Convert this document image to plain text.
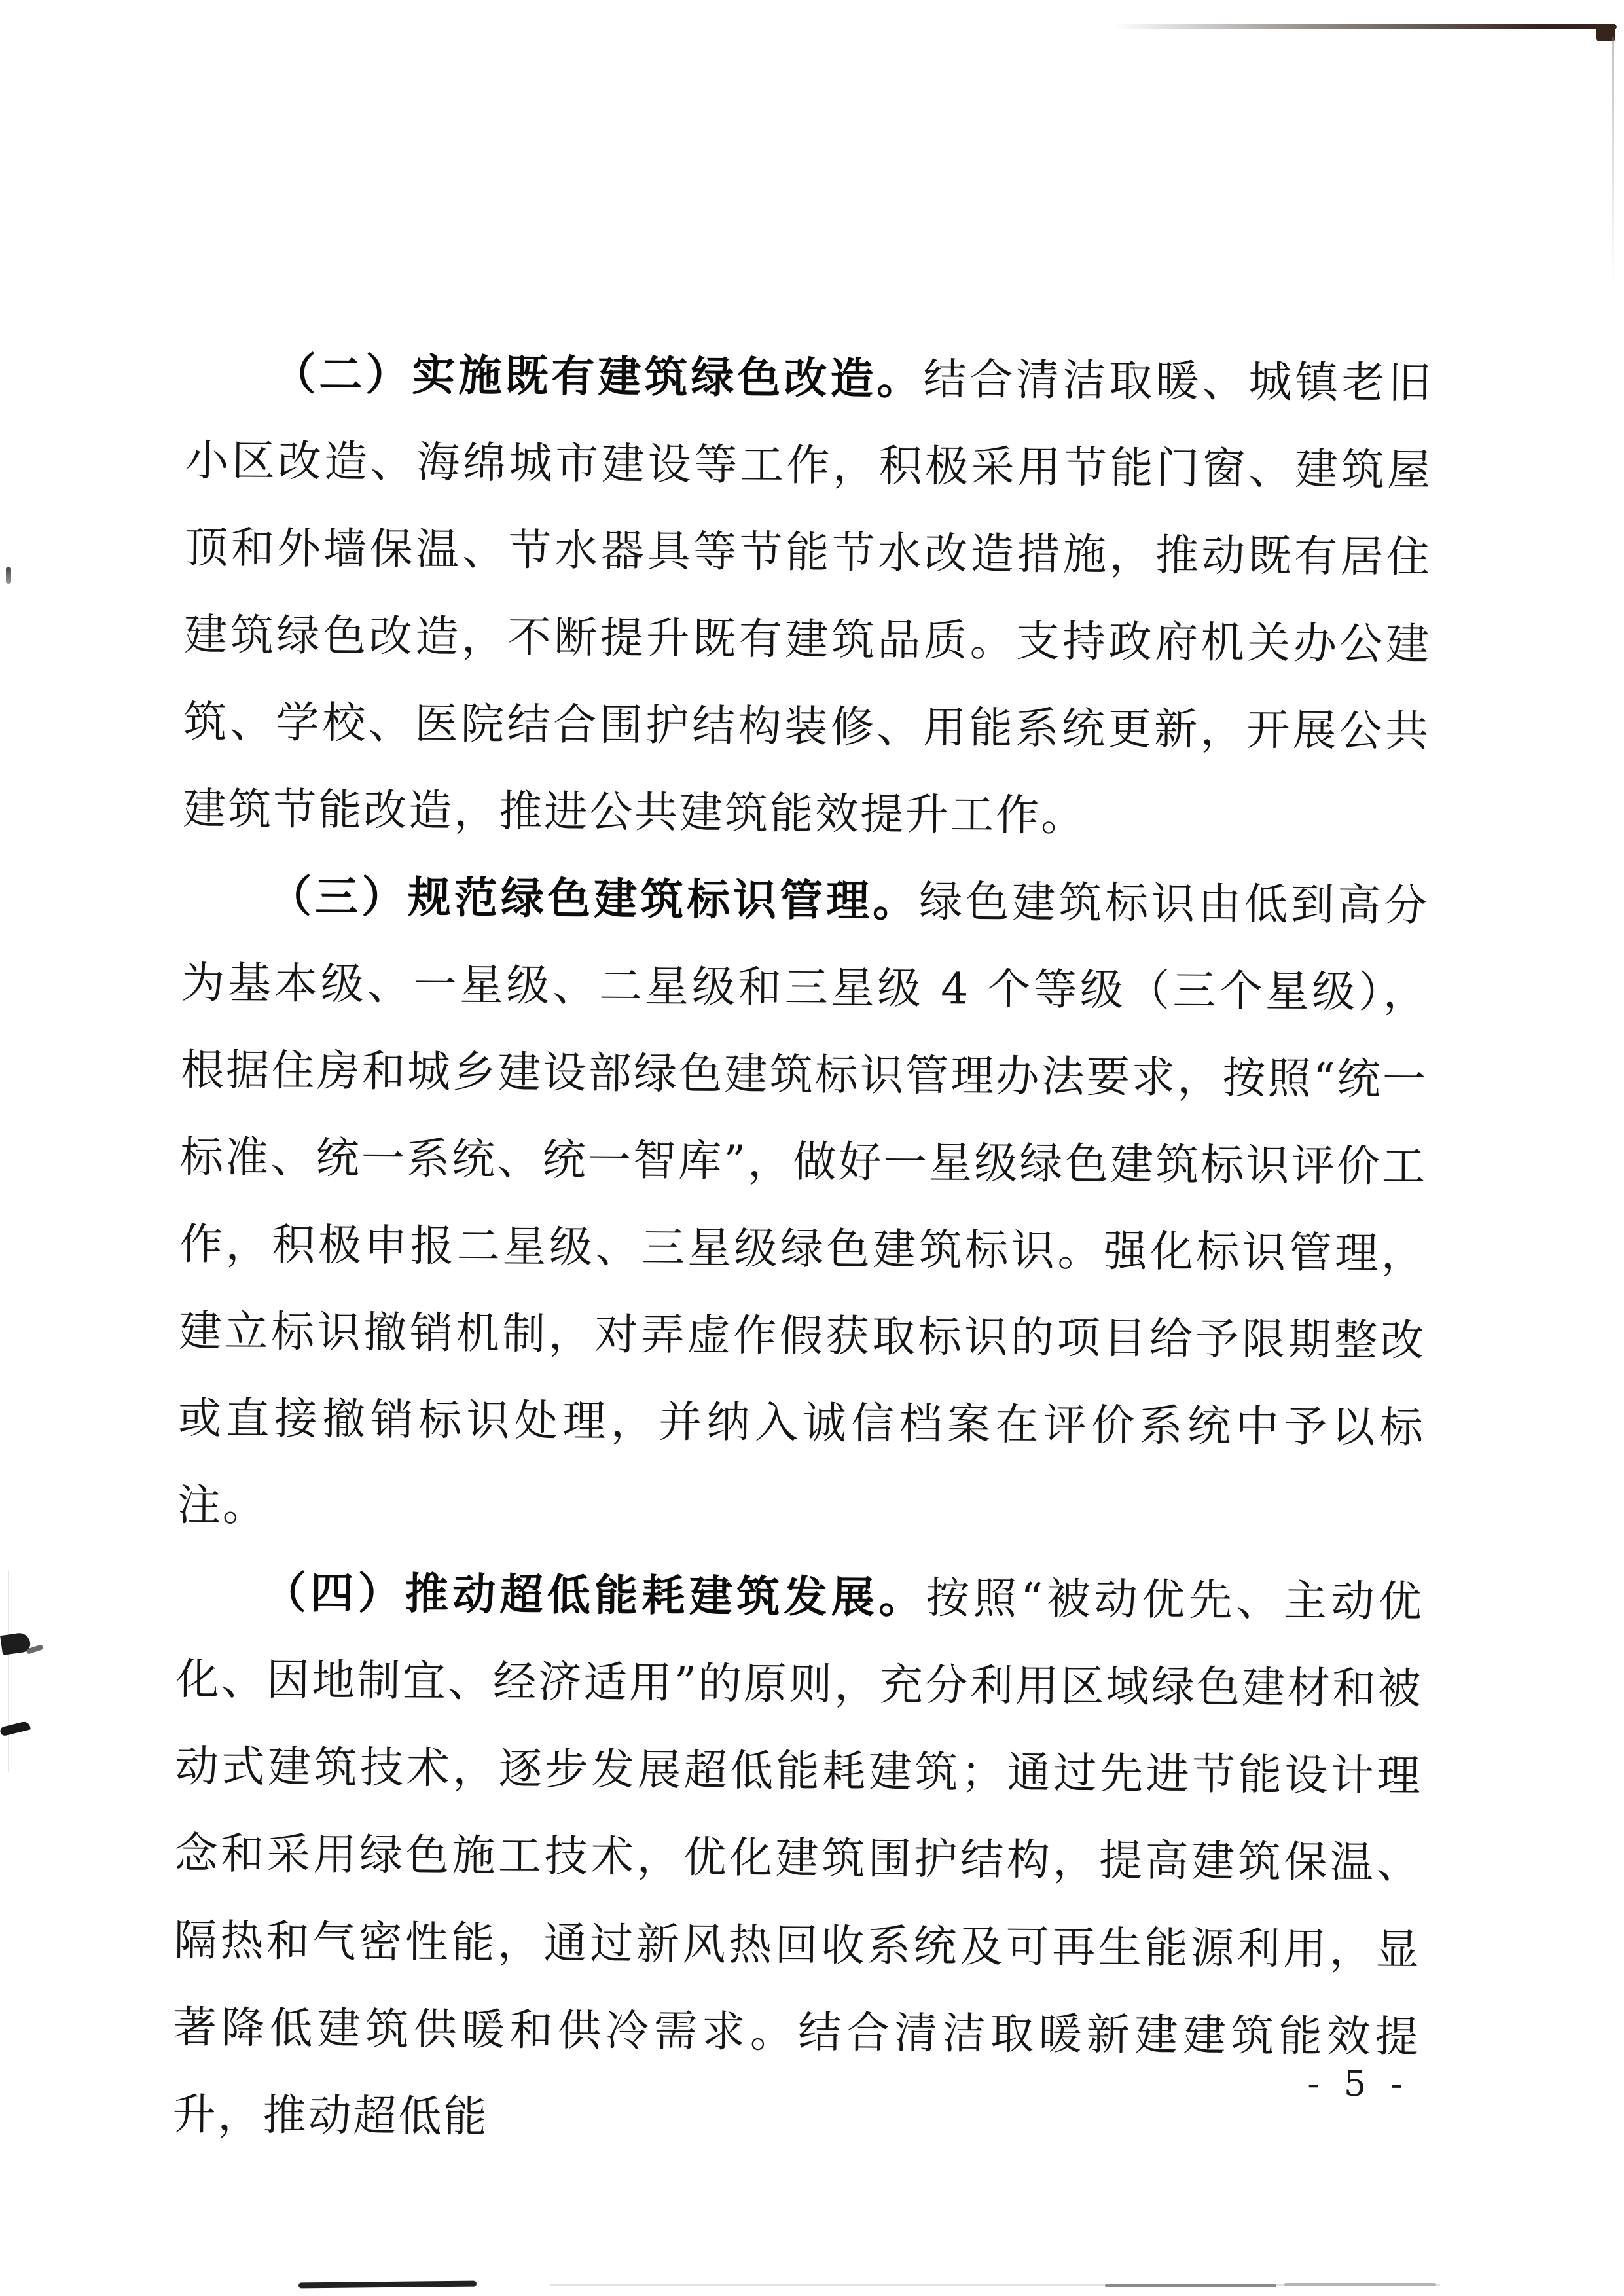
（二）实施既有建筑绿色改造。结合清洁取暖、城镇老旧小区改造、海绵城市建设等工作，积极采用节能门窗、建筑屋顶和外墙保温、节水器具等节能节水改造措施，推动既有居住建筑绿色改造，不断提升既有建筑品质。支持政府机关办公建筑、学校、医院结合围护结构装修、用能系统更新，开展公共建筑节能改造，推进公共建筑能效提升工作。

（三）规范绿色建筑标识管理。绿色建筑标识由低到高分为基本级、一星级、二星级和三星级 4 个等级（三个星级），根据住房和城乡建设部绿色建筑标识管理办法要求，按照“统一标准、统一系统、统一智库”，做好一星级绿色建筑标识评价工作，积极申报二星级、三星级绿色建筑标识。强化标识管理，建立标识撤销机制，对弄虚作假获取标识的项目给予限期整改或直接撤销标识处理，并纳入诚信档案在评价系统中予以标注。

（四）推动超低能耗建筑发展。按照“被动优先、主动优化、因地制宜、经济适用”的原则，充分利用区域绿色建材和被动式建筑技术，逐步发展超低能耗建筑；通过先进节能设计理念和采用绿色施工技术，优化建筑围护结构，提高建筑保温、隔热和气密性能，通过新风热回收系统及可再生能源利用，显著降低建筑供暖和供冷需求。结合清洁取暖新建建筑能效提升，推动超低能

- 5 -
